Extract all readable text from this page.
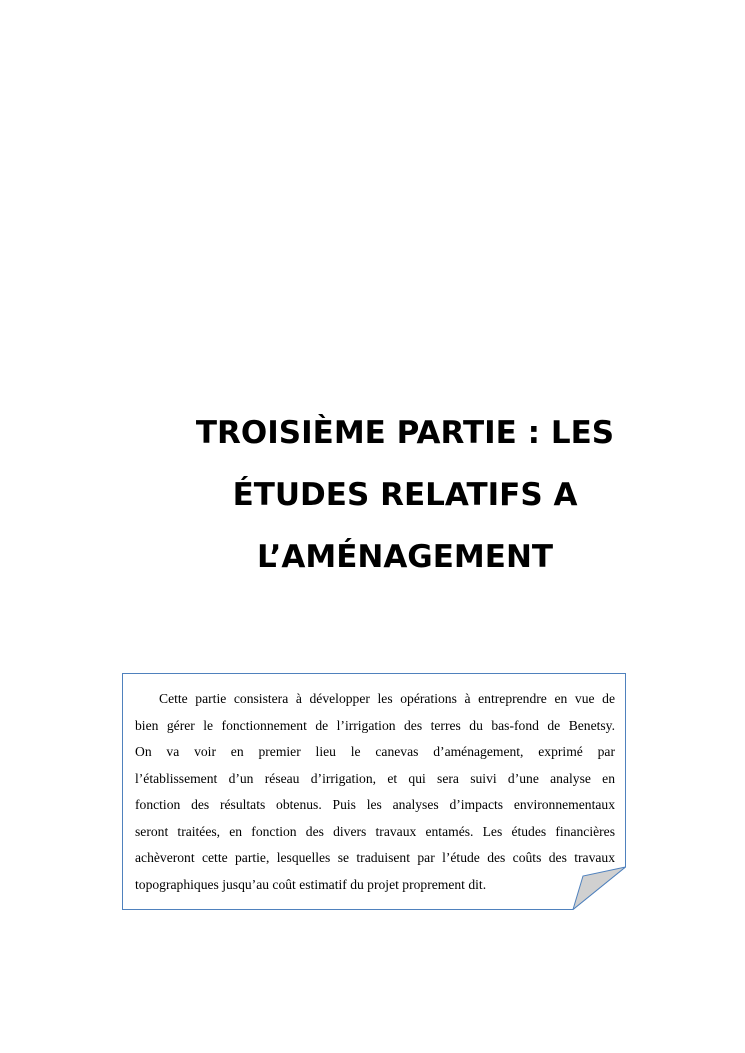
TROISIÈME PARTIE : LES
ÉTUDES RELATIFS A
L’AMÉNAGEMENT
Cette partie consistera à développer les opérations à entreprendre en vue de
bien gérer le fonctionnement de l’irrigation des terres du bas-fond de Benetsy.
On va voir en premier lieu le canevas d’aménagement, exprimé par
l’établissement d’un réseau d’irrigation, et qui sera suivi d’une analyse en
fonction des résultats obtenus. Puis les analyses d’impacts environnementaux
seront traitées, en fonction des divers travaux entamés. Les études financières
achèveront cette partie, lesquelles se traduisent par l’étude des coûts des travaux
topographiques jusqu’au coût estimatif du projet proprement dit.
